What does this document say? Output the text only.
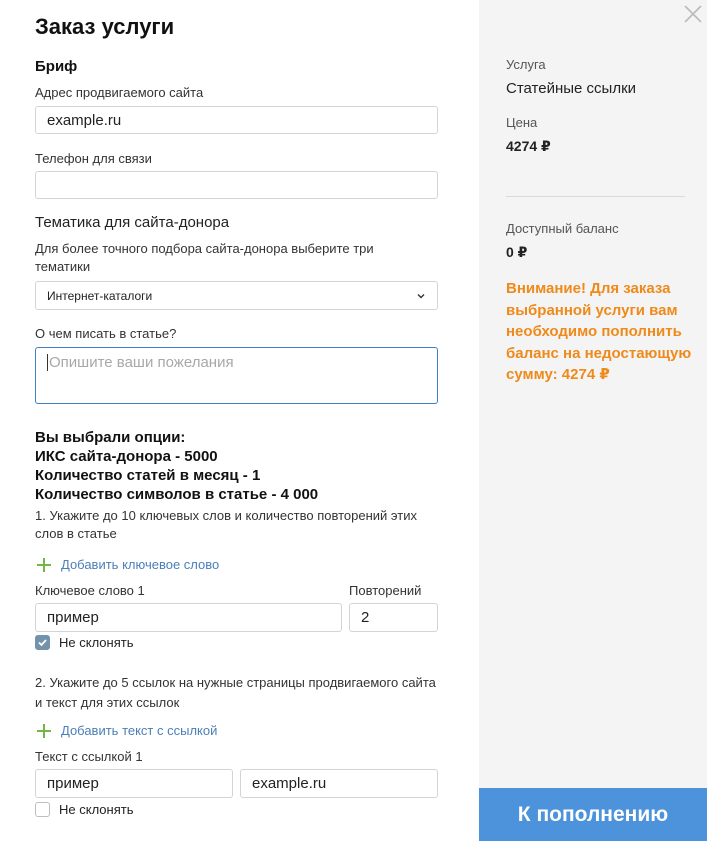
Заказ услуги
Бриф
Адрес продвигаемого сайта
example.ru
Телефон для связи
Тематика для сайта-донора
Для более точного подбора сайта-донора выберите три тематики
Интернет-каталоги
О чем писать в статье?
Опишите ваши пожелания
Вы выбрали опции:
ИКС сайта-донора - 5000
Количество статей в месяц - 1
Количество символов в статье - 4 000
1. Укажите до 10 ключевых слов и количество повторений этих слов в статье
Добавить ключевое слово
Ключевое слово 1	Повторений
пример	2
Не склонять
2. Укажите до 5 ссылок на нужные страницы продвигаемого сайта и текст для этих ссылок
Добавить текст с ссылкой
Текст с ссылкой 1
пример	example.ru
Не склонять
Услуга
Статейные ссылки
Цена
4274 ₽
Доступный баланс
0 ₽
Внимание! Для заказа выбранной услуги вам необходимо пополнить баланс на недостающую сумму: 4274 ₽
К пополнению
